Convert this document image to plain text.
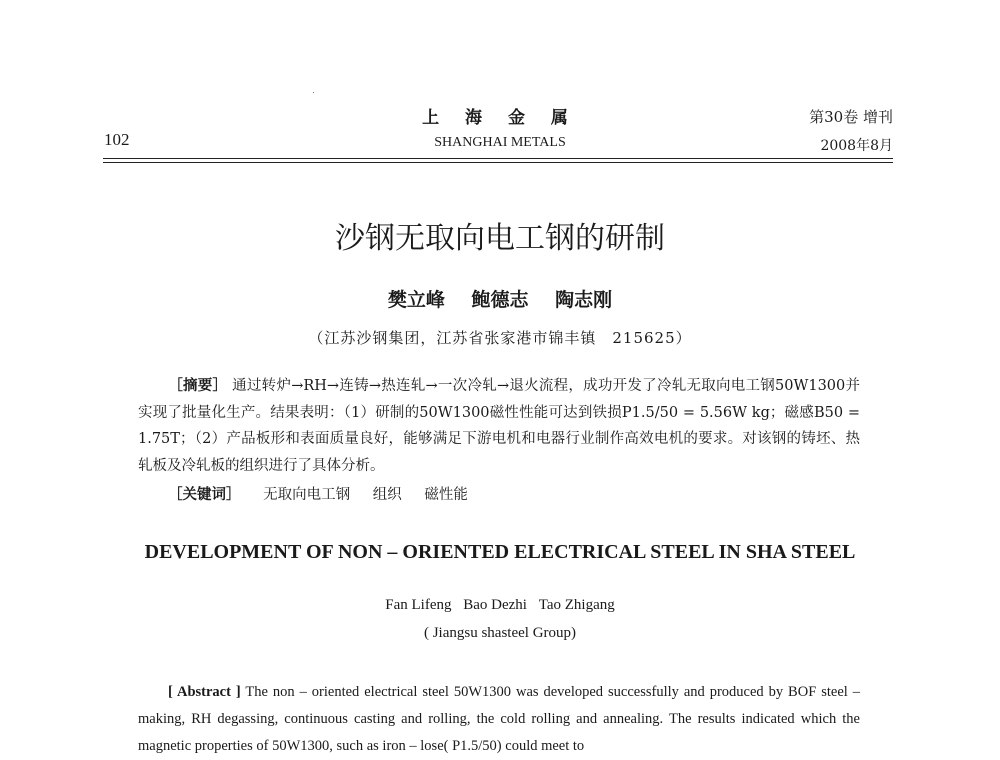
上 海 金 属
SHANGHAI METALS
102
第30卷 增刊
2008年8月
沙钢无取向电工钢的研制
樊立峰 鲍德志 陶志刚
（江苏沙钢集团，江苏省张家港市锦丰镇　215625）
［摘要］ 通过转炉→RH→连铸→热连轧→一次冷轧→退火流程，成功开发了冷轧无取向电工钢50W1300并实现了批量化生产。结果表明：（1）研制的50W1300磁性性能可达到铁损P1.5/50 = 5.56W kg；磁感B50 = 1.75T；（2）产品板形和表面质量良好，能够满足下游电机和电器行业制作高效电机的要求。对该钢的铸坯、热轧板及冷轧板的组织进行了具体分析。
［关键词］ 无取向电工钢 组织 磁性能
DEVELOPMENT OF NON – ORIENTED ELECTRICAL STEEL IN SHA STEEL
Fan Lifeng Bao Dezhi Tao Zhigang
( Jiangsu shasteel Group)
[ Abstract ] The non – oriented electrical steel 50W1300 was developed successfully and produced by BOF steel – making, RH degassing, continuous casting and rolling, the cold rolling and annealing. The results indicated which the magnetic properties of 50W1300, such as iron – lose( P1.5/50) could meet to
